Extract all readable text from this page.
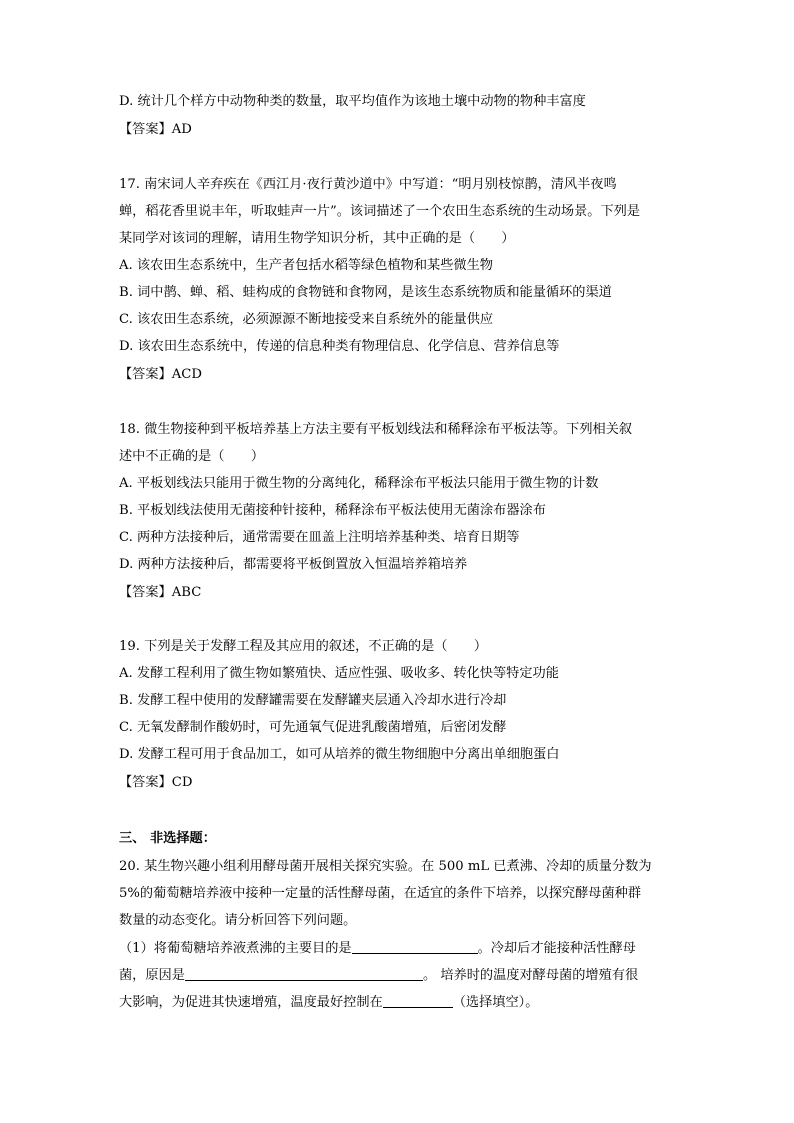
D. 统计几个样方中动物种类的数量，取平均值作为该地土壤中动物的物种丰富度
【答案】AD
17. 南宋词人辛弃疾在《西江月·夜行黄沙道中》中写道：“明月别枝惊鹊，清风半夜鸣
蝉，稻花香里说丰年，听取蛙声一片”。该词描述了一个农田生态系统的生动场景。下列是
某同学对该词的理解，请用生物学知识分析，其中正确的是（　　）
A. 该农田生态系统中，生产者包括水稻等绿色植物和某些微生物
B. 词中鹊、蝉、稻、蛙构成的食物链和食物网，是该生态系统物质和能量循环的渠道
C. 该农田生态系统，必须源源不断地接受来自系统外的能量供应
D. 该农田生态系统中，传递的信息种类有物理信息、化学信息、营养信息等
【答案】ACD
18. 微生物接种到平板培养基上方法主要有平板划线法和稀释涂布平板法等。下列相关叙
述中不正确的是（　　）
A. 平板划线法只能用于微生物的分离纯化，稀释涂布平板法只能用于微生物的计数
B. 平板划线法使用无菌接种针接种，稀释涂布平板法使用无菌涂布器涂布
C. 两种方法接种后，通常需要在皿盖上注明培养基种类、培育日期等
D. 两种方法接种后，都需要将平板倒置放入恒温培养箱培养
【答案】ABC
19. 下列是关于发酵工程及其应用的叙述，不正确的是（　　）
A. 发酵工程利用了微生物如繁殖快、适应性强、吸收多、转化快等特定功能
B. 发酵工程中使用的发酵罐需要在发酵罐夹层通入冷却水进行冷却
C. 无氧发酵制作酸奶时，可先通氧气促进乳酸菌增殖，后密闭发酵
D. 发酵工程可用于食品加工，如可从培养的微生物细胞中分离出单细胞蛋白
【答案】CD
三、 非选择题：
20. 某生物兴趣小组利用酵母菌开展相关探究实验。在 500 mL 已煮沸、冷却的质量分数为
5%的葡萄糖培养液中接种一定量的活性酵母菌，在适宜的条件下培养，以探究酵母菌种群
数量的动态变化。请分析回答下列问题。
（1）将葡萄糖培养液煮沸的主要目的是	。冷却后才能接种活性酵母
菌，原因是	。 培养时的温度对酵母菌的增殖有很
大影响，为促进其快速增殖，温度最好控制在	（选择填空）。
